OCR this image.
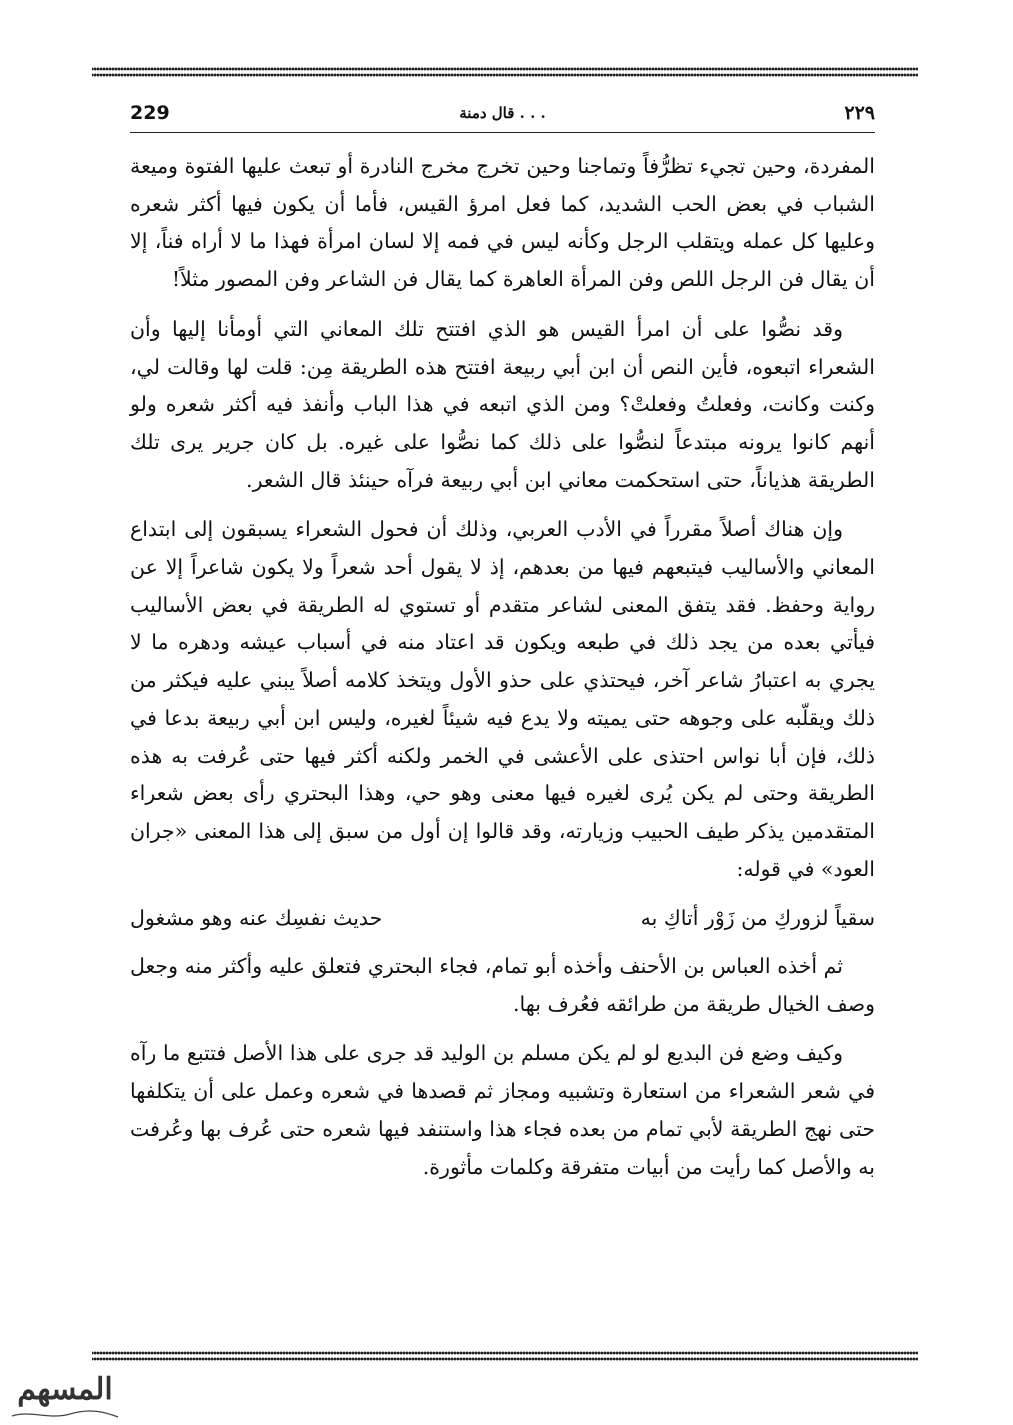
229	قال دمنة . . .	٢٢٩

المفردة، وحين تجيء تظرُّفاً وتماجنا وحين تخرج مخرج النادرة أو تبعث عليها الفتوة وميعة الشباب في بعض الحب الشديد، كما فعل امرؤ القيس، فأما أن يكون فيها أكثر شعره وعليها كل عمله ويتقلب الرجل وكأنه ليس في فمه إلا لسان امرأة فهذا ما لا أراه فناً، إلا أن يقال فن الرجل اللص وفن المرأة العاهرة كما يقال فن الشاعر وفن المصور مثلاً!

وقد نصُّوا على أن امرأ القيس هو الذي افتتح تلك المعاني التي أومأنا إليها وأن الشعراء اتبعوه، فأين النص أن ابن أبي ربيعة افتتح هذه الطريقة مِن: قلت لها وقالت لي، وكنت وكانت، وفعلتُ وفعلتْ؟ ومن الذي اتبعه في هذا الباب وأنفذ فيه أكثر شعره ولو أنهم كانوا يرونه مبتدعاً لنصُّوا على ذلك كما نصُّوا على غيره. بل كان جرير يرى تلك الطريقة هذياناً، حتى استحكمت معاني ابن أبي ربيعة فرآه حينئذ قال الشعر.

وإن هناك أصلاً مقرراً في الأدب العربي، وذلك أن فحول الشعراء يسبقون إلى ابتداع المعاني والأساليب فيتبعهم فيها من بعدهم، إذ لا يقول أحد شعراً ولا يكون شاعراً إلا عن رواية وحفظ. فقد يتفق المعنى لشاعر متقدم أو تستوي له الطريقة في بعض الأساليب فيأتي بعده من يجد ذلك في طبعه ويكون قد اعتاد منه في أسباب عيشه ودهره ما لا يجري به اعتبارُ شاعر آخر، فيحتذي على حذو الأول ويتخذ كلامه أصلاً يبني عليه فيكثر من ذلك ويقلّبه على وجوهه حتى يميته ولا يدع فيه شيئاً لغيره، وليس ابن أبي ربيعة بدعا في ذلك، فإن أبا نواس احتذى على الأعشى في الخمر ولكنه أكثر فيها حتى عُرفت به هذه الطريقة وحتى لم يكن يُرى لغيره فيها معنى وهو حي، وهذا البحتري رأى بعض شعراء المتقدمين يذكر طيف الحبيب وزيارته، وقد قالوا إن أول من سبق إلى هذا المعنى «جران العود» في قوله:

سقياً لزوركِ من زَوْر أتاكِ به
حديث نفسِك عنه وهو مشغول

ثم أخذه العباس بن الأحنف وأخذه أبو تمام، فجاء البحتري فتعلق عليه وأكثر منه وجعل وصف الخيال طريقة من طرائقه فعُرف بها.

وكيف وضع فن البديع لو لم يكن مسلم بن الوليد قد جرى على هذا الأصل فتتبع ما رآه في شعر الشعراء من استعارة وتشبيه ومجاز ثم قصدها في شعره وعمل على أن يتكلفها حتى نهج الطريقة لأبي تمام من بعده فجاء هذا واستنفد فيها شعره حتى عُرف بها وعُرفت به والأصل كما رأيت من أبيات متفرقة وكلمات مأثورة.

المسهم
